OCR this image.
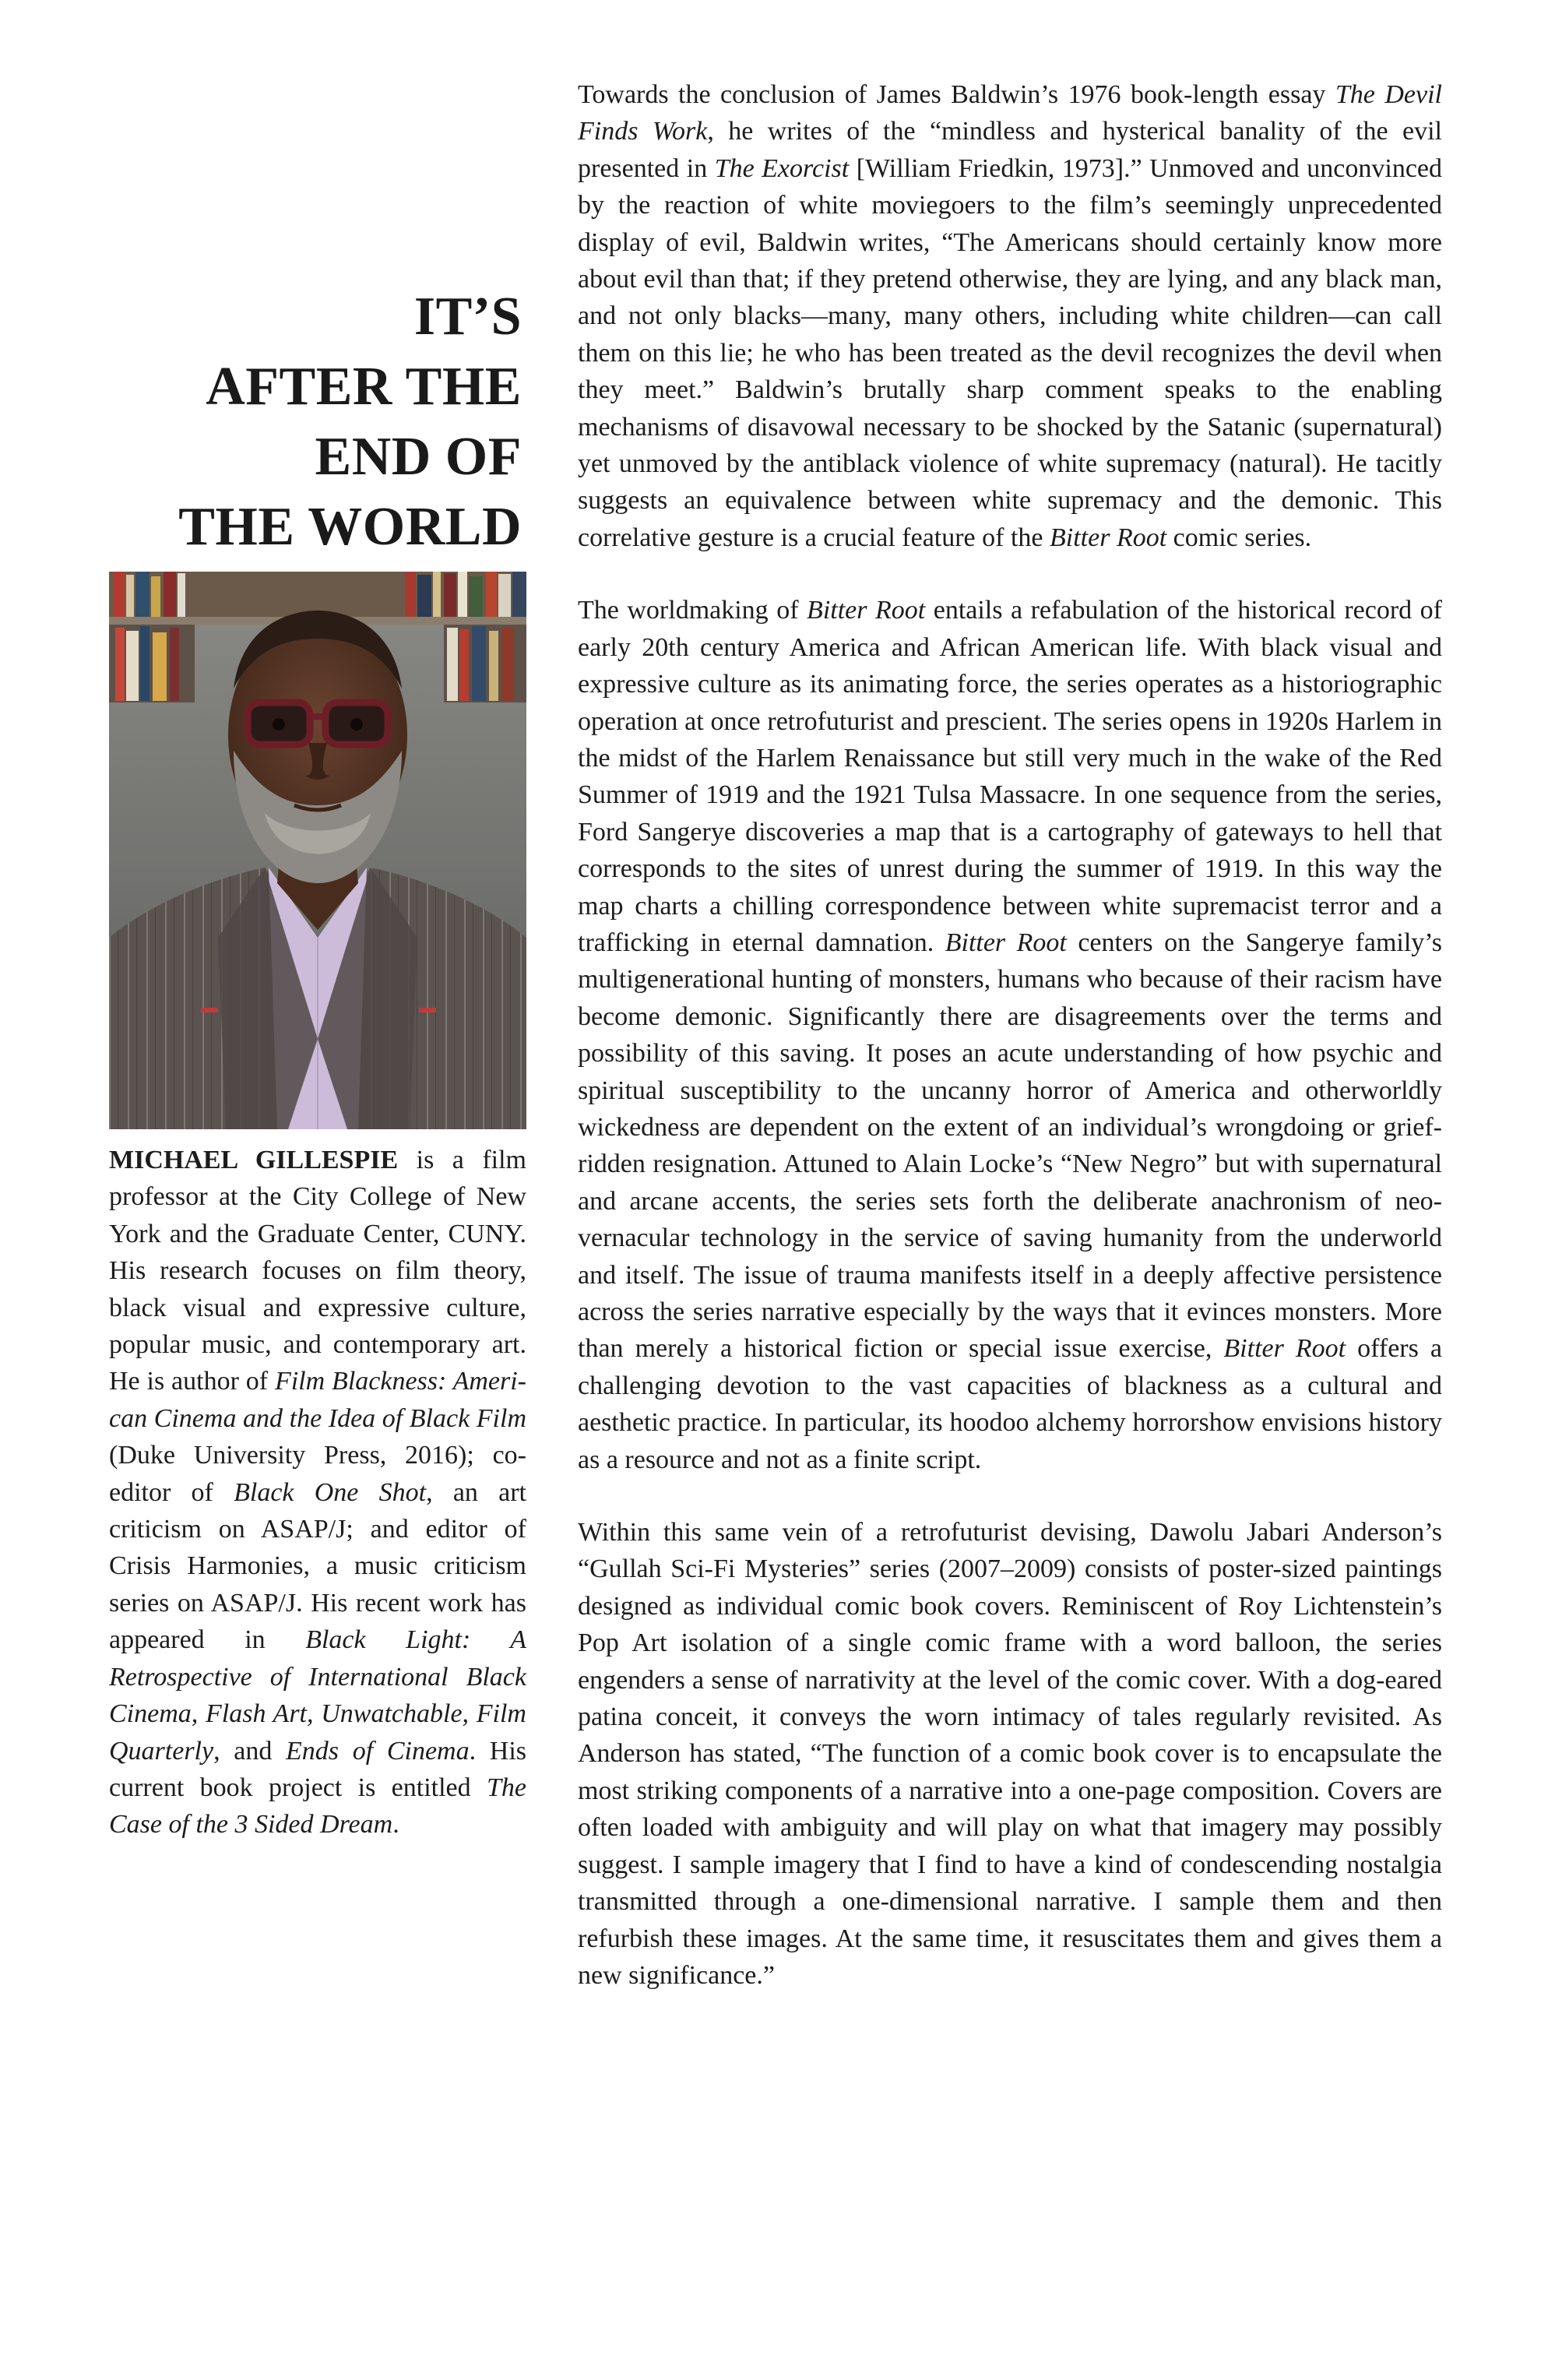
IT’S
AFTER THE
END OF
THE WORLD

MICHAEL GILLESPIE is a film professor at the City College of New York and the Graduate Center, CUNY. His research focuses on film theory, black visual and expressive culture, popular music, and contemporary art. He is author of Film Blackness: American Cinema and the Idea of Black Film (Duke University Press, 2016); co-editor of Black One Shot, an art criticism on ASAP/J; and editor of Crisis Harmonies, a music criticism series on ASAP/J. His recent work has appeared in Black Light: A Retrospective of International Black Cinema, Flash Art, Unwatchable, Film Quarterly, and Ends of Cinema. His current book project is entitled The Case of the 3 Sided Dream.

Towards the conclusion of James Baldwin’s 1976 book-length essay The Devil Finds Work, he writes of the “mindless and hysterical banality of the evil presented in The Exorcist [William Friedkin, 1973].” Unmoved and unconvinced by the reaction of white moviegoers to the film’s seemingly unprecedented display of evil, Baldwin writes, “The Americans should certainly know more about evil than that; if they pretend otherwise, they are lying, and any black man, and not only blacks—many, many others, including white children—can call them on this lie; he who has been treated as the devil recognizes the devil when they meet.” Baldwin’s brutally sharp comment speaks to the enabling mechanisms of disavowal necessary to be shocked by the Satanic (supernatural) yet unmoved by the antiblack violence of white supremacy (natural). He tacitly suggests an equivalence between white supremacy and the demonic. This correlative gesture is a crucial feature of the Bitter Root comic series.

The worldmaking of Bitter Root entails a refabulation of the historical record of early 20th century America and African American life. With black visual and expressive culture as its animating force, the series operates as a historiographic operation at once retrofuturist and prescient. The series opens in 1920s Harlem in the midst of the Harlem Renaissance but still very much in the wake of the Red Summer of 1919 and the 1921 Tulsa Massacre. In one sequence from the series, Ford Sangerye discoveries a map that is a cartography of gateways to hell that corresponds to the sites of unrest during the summer of 1919. In this way the map charts a chilling correspondence between white supremacist terror and a trafficking in eternal damnation. Bitter Root centers on the Sangerye family’s multigenerational hunting of monsters, humans who because of their racism have become demonic. Significantly there are disagreements over the terms and possibility of this saving. It poses an acute understanding of how psychic and spiritual susceptibility to the uncanny horror of America and otherworldly wickedness are dependent on the extent of an individual’s wrongdoing or grief-ridden resignation. Attuned to Alain Locke’s “New Negro” but with supernatural and arcane accents, the series sets forth the deliberate anachronism of neo-vernacular technology in the service of saving humanity from the underworld and itself. The issue of trauma manifests itself in a deeply affective persistence across the series narrative especially by the ways that it evinces monsters. More than merely a historical fiction or special issue exercise, Bitter Root offers a challenging devotion to the vast capacities of blackness as a cultural and aesthetic practice. In particular, its hoodoo alchemy horrorshow envisions history as a resource and not as a finite script.

Within this same vein of a retrofuturist devising, Dawolu Jabari Anderson’s “Gullah Sci-Fi Mysteries” series (2007–2009) consists of poster-sized paintings designed as individual comic book covers. Reminiscent of Roy Lichtenstein’s Pop Art isolation of a single comic frame with a word balloon, the series engenders a sense of narrativity at the level of the comic cover. With a dog-eared patina conceit, it conveys the worn intimacy of tales regularly revisited. As Anderson has stated, “The function of a comic book cover is to encapsulate the most striking components of a narrative into a one-page composition. Covers are often loaded with ambiguity and will play on what that imagery may possibly suggest. I sample imagery that I find to have a kind of condescending nostalgia transmitted through a one-dimensional narrative. I sample them and then refurbish these images. At the same time, it resuscitates them and gives them a new significance.”
